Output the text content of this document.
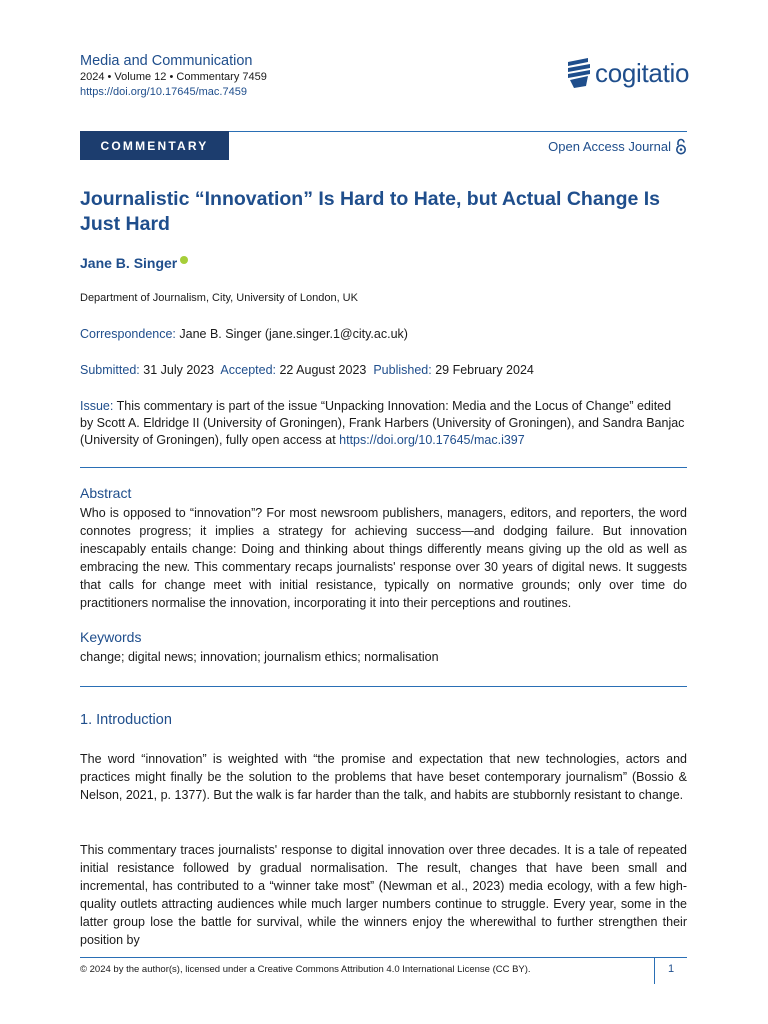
Media and Communication
2024 • Volume 12 • Commentary 7459
https://doi.org/10.17645/mac.7459
cogitatio
COMMENTARY	Open Access Journal
Journalistic “Innovation” Is Hard to Hate, but Actual Change Is Just Hard
Jane B. Singer
Department of Journalism, City, University of London, UK
Correspondence: Jane B. Singer (jane.singer.1@city.ac.uk)
Submitted: 31 July 2023 Accepted: 22 August 2023 Published: 29 February 2024
Issue: This commentary is part of the issue “Unpacking Innovation: Media and the Locus of Change” edited by Scott A. Eldridge II (University of Groningen), Frank Harbers (University of Groningen), and Sandra Banjac (University of Groningen), fully open access at https://doi.org/10.17645/mac.i397
Abstract
Who is opposed to “innovation”? For most newsroom publishers, managers, editors, and reporters, the word connotes progress; it implies a strategy for achieving success—and dodging failure. But innovation inescapably entails change: Doing and thinking about things differently means giving up the old as well as embracing the new. This commentary recaps journalists' response over 30 years of digital news. It suggests that calls for change meet with initial resistance, typically on normative grounds; only over time do practitioners normalise the innovation, incorporating it into their perceptions and routines.
Keywords
change; digital news; innovation; journalism ethics; normalisation
1. Introduction
The word “innovation” is weighted with “the promise and expectation that new technologies, actors and practices might finally be the solution to the problems that have beset contemporary journalism” (Bossio & Nelson, 2021, p. 1377). But the walk is far harder than the talk, and habits are stubbornly resistant to change.
This commentary traces journalists' response to digital innovation over three decades. It is a tale of repeated initial resistance followed by gradual normalisation. The result, changes that have been small and incremental, has contributed to a “winner take most” (Newman et al., 2023) media ecology, with a few high-quality outlets attracting audiences while much larger numbers continue to struggle. Every year, some in the latter group lose the battle for survival, while the winners enjoy the wherewithal to further strengthen their position by
© 2024 by the author(s), licensed under a Creative Commons Attribution 4.0 International License (CC BY).	1
